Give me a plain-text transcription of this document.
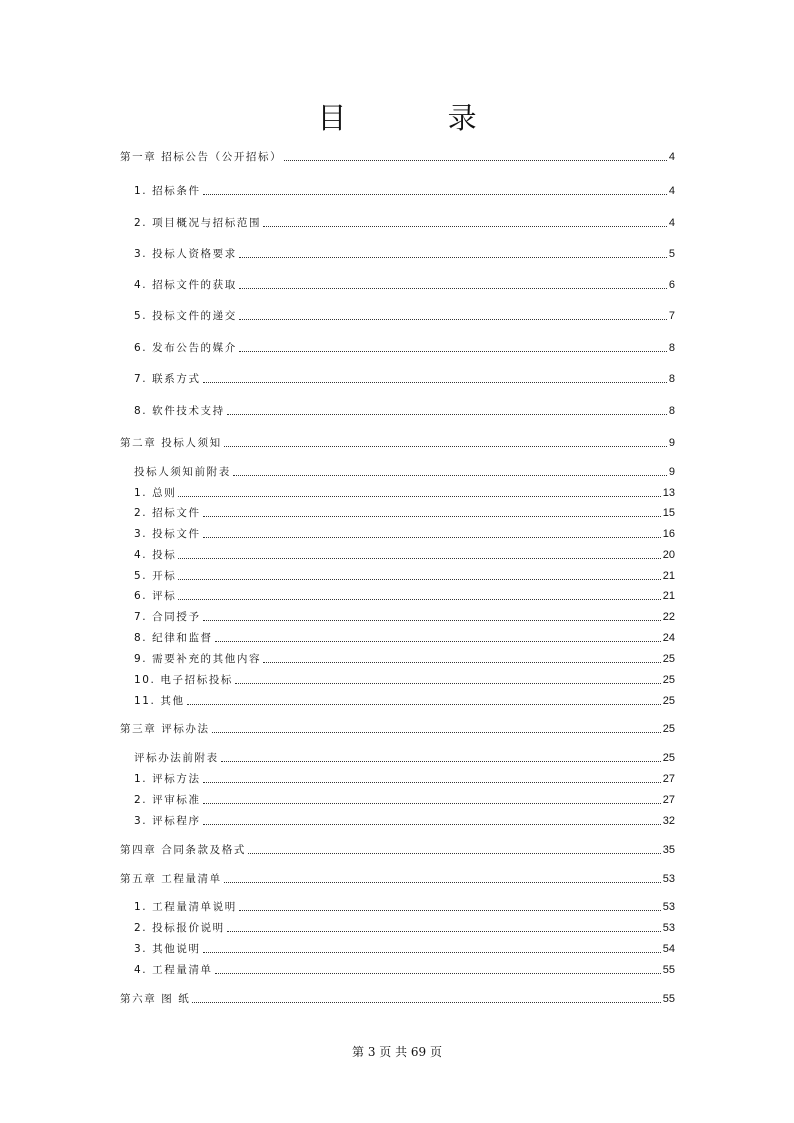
目 录
第一章 招标公告（公开招标）	4
1. 招标条件	4
2. 项目概况与招标范围	4
3. 投标人资格要求	5
4. 招标文件的获取	6
5. 投标文件的递交	7
6. 发布公告的媒介	8
7. 联系方式	8
8. 软件技术支持	8
第二章 投标人须知	9
投标人须知前附表	9
1. 总则	13
2. 招标文件	15
3. 投标文件	16
4. 投标	20
5. 开标	21
6. 评标	21
7. 合同授予	22
8. 纪律和监督	24
9. 需要补充的其他内容	25
10. 电子招标投标	25
11. 其他	25
第三章 评标办法	25
评标办法前附表	25
1. 评标方法	27
2. 评审标准	27
3. 评标程序	32
第四章 合同条款及格式	35
第五章 工程量清单	53
1. 工程量清单说明	53
2. 投标报价说明	53
3. 其他说明	54
4. 工程量清单	55
第六章 图 纸	55
第 3 页 共 69 页
